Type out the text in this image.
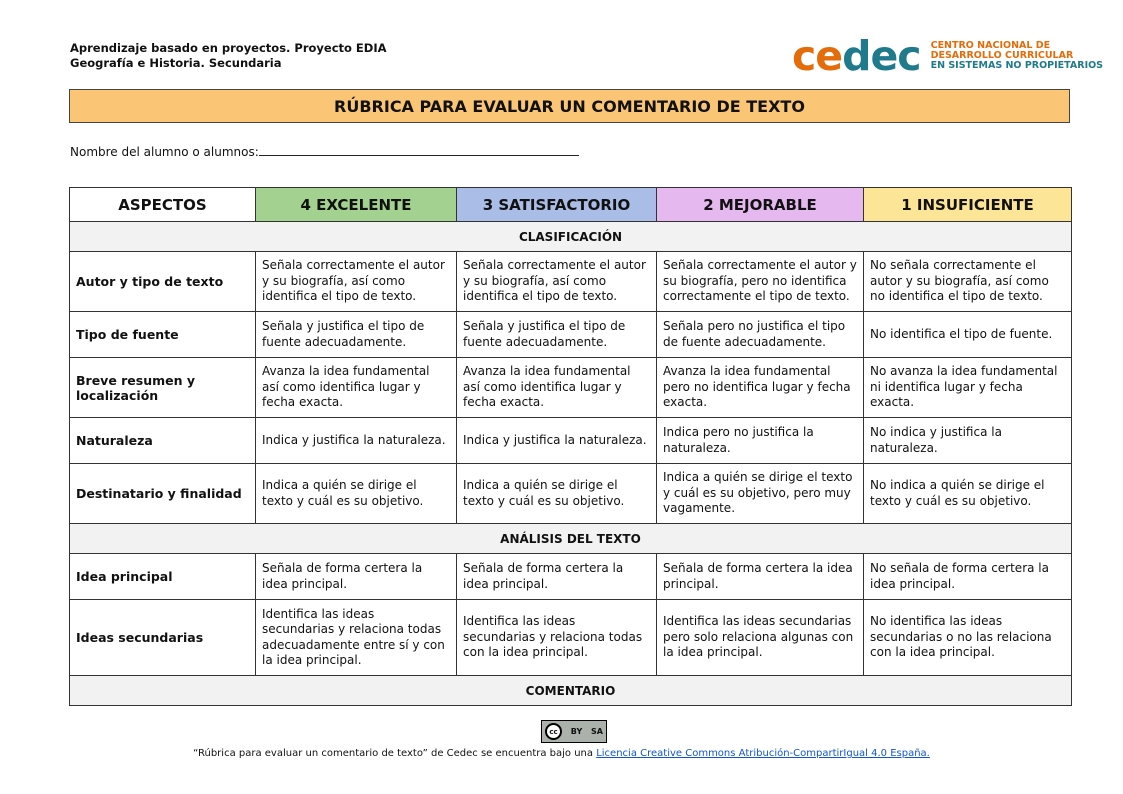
Aprendizaje basado en proyectos. Proyecto EDIA
Geografía e Historia. Secundaria	cedec CENTRO NACIONAL DE
DESARROLLO CURRICULAR
EN SISTEMAS NO PROPIETARIOS
RÚBRICA PARA EVALUAR UN COMENTARIO DE TEXTO
Nombre del alumno o alumnos:
ASPECTOS	4 EXCELENTE	3 SATISFACTORIO	2 MEJORABLE	1 INSUFICIENTE
CLASIFICACIÓN				
Autor y tipo de texto	Señala correctamente el autor y su biografía, así como identifica el tipo de texto.	Señala correctamente el autor y su biografía, así como identifica el tipo de texto.	Señala correctamente el autor y su biografía, pero no identifica correctamente el tipo de texto.	No señala correctamente el autor y su biografía, así como no identifica el tipo de texto.
Tipo de fuente	Señala y justifica el tipo de fuente adecuadamente.	Señala y justifica el tipo de fuente adecuadamente.	Señala pero no justifica el tipo de fuente adecuadamente.	No identifica el tipo de fuente.
Breve resumen y localización	Avanza la idea fundamental así como identifica lugar y fecha exacta.	Avanza la idea fundamental así como identifica lugar y fecha exacta.	Avanza la idea fundamental pero no identifica lugar y fecha exacta.	No avanza la idea fundamental ni identifica lugar y fecha exacta.
Naturaleza	Indica y justifica la naturaleza.	Indica y justifica la naturaleza.	Indica pero no justifica la naturaleza.	No indica y justifica la naturaleza.
Destinatario y finalidad	Indica a quién se dirige el texto y cuál es su objetivo.	Indica a quién se dirige el texto y cuál es su objetivo.	Indica a quién se dirige el texto y cuál es su objetivo, pero muy vagamente.	No indica a quién se dirige el texto y cuál es su objetivo.
ANÁLISIS DEL TEXTO				
Idea principal	Señala de forma certera la idea principal.	Señala de forma certera la idea principal.	Señala de forma certera la idea principal.	No señala de forma certera la idea principal.
Ideas secundarias	Identifica las ideas secundarias y relaciona todas adecuadamente entre sí y con la idea principal.	Identifica las ideas secundarias y relaciona todas con la idea principal.	Identifica las ideas secundarias pero solo relaciona algunas con la idea principal.	No identifica las ideas secundarias o no las relaciona con la idea principal.
COMENTARIO				
cc	BY SA
“Rúbrica para evaluar un comentario de texto” de Cedec se encuentra bajo una Licencia Creative Commons Atribución-CompartirIgual 4.0 España.
